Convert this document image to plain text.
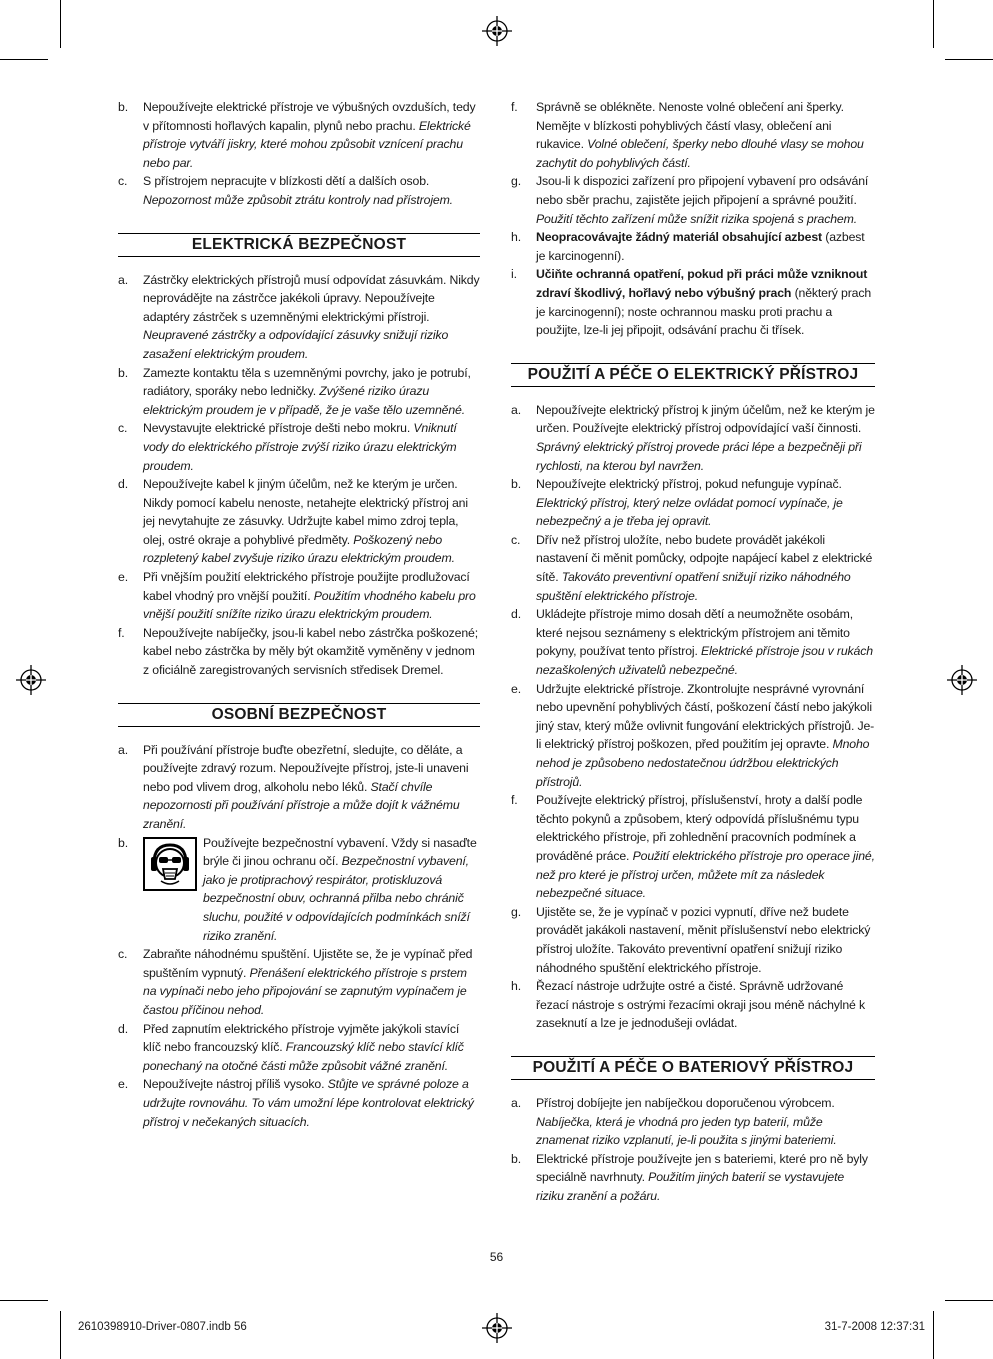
b.	Nepoužívejte elektrické přístroje ve výbušných ovzduších, tedy v přítomnosti hořlavých kapalin, plynů nebo prachu. Elektrické přístroje vytváří jiskry, které mohou způsobit vznícení prachu nebo par.
c.	S přístrojem nepracujte v blízkosti dětí a dalších osob. Nepozornost může způsobit ztrátu kontroly nad přístrojem.
ELEKTRICKÁ BEZPEČNOST
a.	Zástrčky elektrických přístrojů musí odpovídat zásuvkám. Nikdy neprovádějte na zástrčce jakékoli úpravy. Nepoužívejte adaptéry zástrček s uzemněnými elektrickými přístroji. Neupravené zástrčky a odpovídající zásuvky snižují riziko zasažení elektrickým proudem.
b.	Zamezte kontaktu těla s uzemněnými povrchy, jako je potrubí, radiátory, sporáky nebo ledničky. Zvýšené riziko úrazu elektrickým proudem je v případě, že je vaše tělo uzemněné.
c.	Nevystavujte elektrické přístroje dešti nebo mokru. Vniknutí vody do elektrického přístroje zvýší riziko úrazu elektrickým proudem.
d.	Nepoužívejte kabel k jiným účelům, než ke kterým je určen. Nikdy pomocí kabelu nenoste, netahejte elektrický přístroj ani jej nevytahujte ze zásuvky. Udržujte kabel mimo zdroj tepla, olej, ostré okraje a pohyblivé předměty. Poškozený nebo rozpletený kabel zvyšuje riziko úrazu elektrickým proudem.
e.	Při vnějším použití elektrického přístroje použijte prodlužovací kabel vhodný pro vnější použití. Použitím vhodného kabelu pro vnější použití snížíte riziko úrazu elektrickým proudem.
f.	Nepoužívejte nabíječky, jsou-li kabel nebo zástrčka poškozené; kabel nebo zástrčka by měly být okamžitě vyměněny v jednom z oficiálně zaregistrovaných servisních středisek Dremel.
OSOBNÍ BEZPEČNOST
a.	Při používání přístroje buďte obezřetní, sledujte, co děláte, a používejte zdravý rozum. Nepoužívejte přístroj, jste-li unaveni nebo pod vlivem drog, alkoholu nebo léků. Stačí chvíle nepozornosti při používání přístroje a může dojít k vážnému zranění.
b.	Používejte bezpečnostní vybavení. Vždy si nasaďte brýle či jinou ochranu očí. Bezpečnostní vybavení, jako je protiprachový respirátor, protiskluzová bezpečnostní obuv, ochranná přilba nebo chránič sluchu, použité v odpovídajících podmínkách sníží riziko zranění.
c.	Zabraňte náhodnému spuštění. Ujistěte se, že je vypínač před spuštěním vypnutý. Přenášení elektrického přístroje s prstem na vypínači nebo jeho připojování se zapnutým vypínačem je častou příčinou nehod.
d.	Před zapnutím elektrického přístroje vyjměte jakýkoli stavící klíč nebo francouzský klíč. Francouzský klíč nebo stavící klíč ponechaný na otočné části může způsobit vážné zranění.
e.	Nepoužívejte nástroj příliš vysoko. Stůjte ve správné poloze a udržujte rovnováhu. To vám umožní lépe kontrolovat elektrický přístroj v nečekaných situacích.
f.	Správně se oblékněte. Nenoste volné oblečení ani šperky. Nemějte v blízkosti pohyblivých částí vlasy, oblečení ani rukavice. Volné oblečení, šperky nebo dlouhé vlasy se mohou zachytit do pohyblivých částí.
g.	Jsou-li k dispozici zařízení pro připojení vybavení pro odsávání nebo sběr prachu, zajistěte jejich připojení a správné použití. Použití těchto zařízení může snížit rizika spojená s prachem.
h.	Neopracovávajte žádný materiál obsahující azbest (azbest je karcinogenní).
i.	Učiňte ochranná opatření, pokud při práci může vzniknout zdraví škodlivý, hořlavý nebo výbušný prach (některý prach je karcinogenní); noste ochrannou masku proti prachu a použijte, lze-li jej připojit, odsávání prachu či třísek.
POUŽITÍ A PÉČE O ELEKTRICKÝ PŘÍSTROJ
a.	Nepoužívejte elektrický přístroj k jiným účelům, než ke kterým je určen. Používejte elektrický přístroj odpovídající vaší činnosti. Správný elektrický přístroj provede práci lépe a bezpečněji při rychlosti, na kterou byl navržen.
b.	Nepoužívejte elektrický přístroj, pokud nefunguje vypínač. Elektrický přístroj, který nelze ovládat pomocí vypínače, je nebezpečný a je třeba jej opravit.
c.	Dřív než přístroj uložíte, nebo budete provádět jakékoli nastavení či měnit pomůcky, odpojte napájecí kabel z elektrické sítě. Takováto preventivní opatření snižují riziko náhodného spuštění elektrického přístroje.
d.	Ukládejte přístroje mimo dosah dětí a neumožněte osobám, které nejsou seznámeny s elektrickým přístrojem ani těmito pokyny, používat tento přístroj. Elektrické přístroje jsou v rukách nezaškolených uživatelů nebezpečné.
e.	Udržujte elektrické přístroje. Zkontrolujte nesprávné vyrovnání nebo upevnění pohyblivých částí, poškození částí nebo jakýkoli jiný stav, který může ovlivnit fungování elektrických přístrojů. Je-li elektrický přístroj poškozen, před použitím jej opravte. Mnoho nehod je způsobeno nedostatečnou údržbou elektrických přístrojů.
f.	Používejte elektrický přístroj, příslušenství, hroty a další podle těchto pokynů a způsobem, který odpovídá příslušnému typu elektrického přístroje, při zohlednění pracovních podmínek a prováděné práce. Použití elektrického přístroje pro operace jiné, než pro které je přístroj určen, můžete mít za následek nebezpečné situace.
g.	Ujistěte se, že je vypínač v pozici vypnutí, dříve než budete provádět jakákoli nastavení, měnit příslušenství nebo elektrický přístroj uložíte. Takováto preventivní opatření snižují riziko náhodného spuštění elektrického přístroje.
h.	Řezací nástroje udržujte ostré a čisté. Správně udržované řezací nástroje s ostrými řezacími okraji jsou méně náchylné k zaseknutí a lze je jednodušeji ovládat.
POUŽITÍ A PÉČE O BATERIOVÝ PŘÍSTROJ
a.	Přístroj dobíjejte jen nabíječkou doporučenou výrobcem. Nabíječka, která je vhodná pro jeden typ baterií, může znamenat riziko vzplanutí, je-li použita s jinými bateriemi.
b.	Elektrické přístroje používejte jen s bateriemi, které pro ně byly speciálně navrhnuty. Použitím jiných baterií se vystavujete riziku zranění a požáru.
56
2610398910-Driver-0807.indb 56	31-7-2008 12:37:31
